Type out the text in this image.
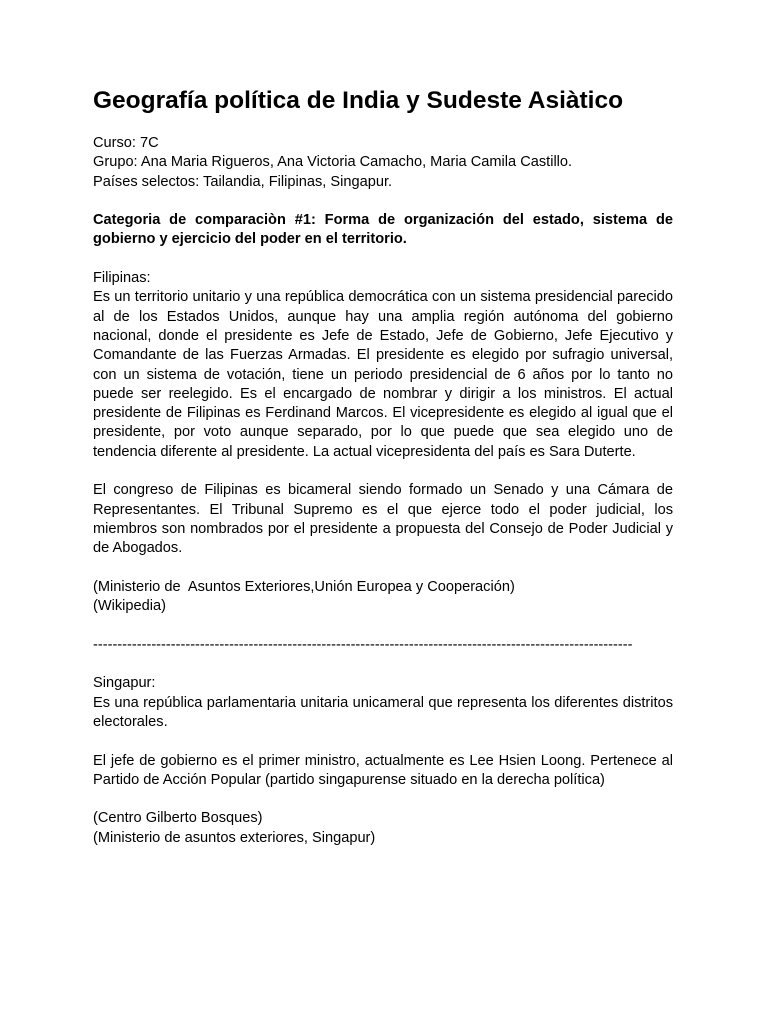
Geografía política de India y Sudeste Asiàtico

Curso: 7C

Grupo: Ana Maria Rigueros, Ana Victoria Camacho, Maria Camila Castillo.

Países selectos: Tailandia, Filipinas, Singapur.

Categoria de comparaciòn #1: Forma de organización del estado, sistema de gobierno y ejercicio del poder en el territorio.

Filipinas:

Es un territorio unitario y una república democrática con un sistema presidencial parecido al de los Estados Unidos, aunque hay una amplia región autónoma del gobierno nacional, donde el presidente es Jefe de Estado, Jefe de Gobierno, Jefe Ejecutivo y Comandante de las Fuerzas Armadas. El presidente es elegido por sufragio universal, con un sistema de votación, tiene un periodo presidencial de 6 años por lo tanto no puede ser reelegido. Es el encargado de nombrar y dirigir a los ministros. El actual presidente de Filipinas es Ferdinand Marcos. El vicepresidente es elegido al igual que el presidente, por voto aunque separado, por lo que puede que sea elegido uno de tendencia diferente al presidente. La actual vicepresidenta del país es Sara Duterte.

El congreso de Filipinas es bicameral siendo formado un Senado y una Cámara de Representantes. El Tribunal Supremo es el que ejerce todo el poder judicial, los miembros son nombrados por el presidente a propuesta del Consejo de Poder Judicial y de Abogados.

(Ministerio de  Asuntos Exteriores,Unión Europea y Cooperación)

(Wikipedia)

---------------------------------------------------------------------------------------------------------------

Singapur:

Es una república parlamentaria unitaria unicameral que representa los diferentes distritos electorales.

El jefe de gobierno es el primer ministro, actualmente es Lee Hsien Loong. Pertenece al Partido de Acción Popular (partido singapurense situado en la derecha política)

(Centro Gilberto Bosques)

(Ministerio de asuntos exteriores, Singapur)
